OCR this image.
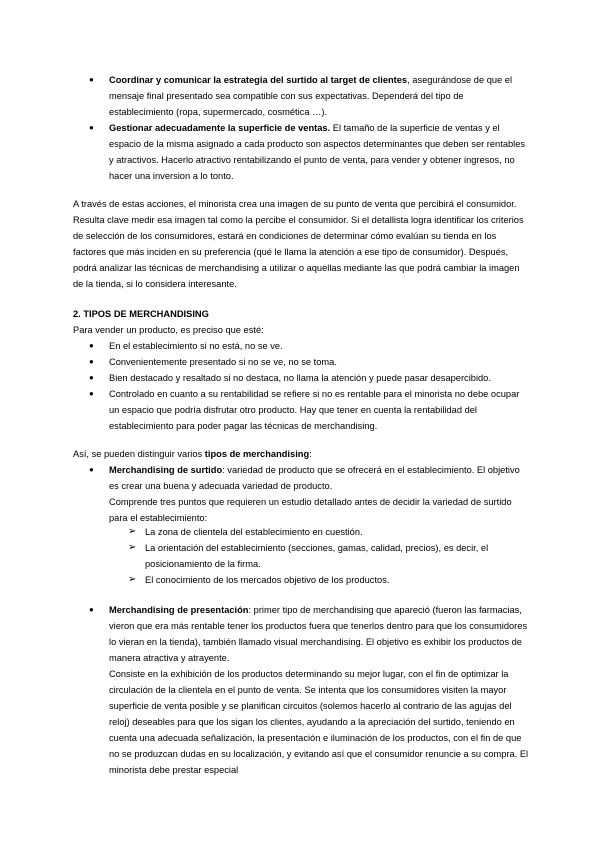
● Coordinar y comunicar la estrategia del surtido al target de clientes, asegurándose de que el mensaje final presentado sea compatible con sus expectativas. Dependerá del tipo de establecimiento (ropa, supermercado, cosmética …).

● Gestionar adecuadamente la superficie de ventas. El tamaño de la superficie de ventas y el espacio de la misma asignado a cada producto son aspectos determinantes que deben ser rentables y atractivos. Hacerlo atractivo rentabilizando el punto de venta, para vender y obtener ingresos, no hacer una inversion a lo tonto.

A través de estas acciones, el minorista crea una imagen de su punto de venta que percibirá el consumidor. Resulta clave medir esa imagen tal como la percibe el consumidor. Si el detallista logra identificar los criterios de selección de los consumidores, estará en condiciones de determinar cómo evalúan su tienda en los factores que más inciden en su preferencia (qué le llama la atención a ese tipo de consumidor). Después, podrá analizar las técnicas de merchandising a utilizar o aquellas mediante las que podrá cambiar la imagen de la tienda, si lo considera interesante.

2. TIPOS DE MERCHANDISING

Para vender un producto, es preciso que esté:

● En el establecimiento si no está, no se ve.

● Convenientemente presentado si no se ve, no se toma.

● Bien destacado y resaltado si no destaca, no llama la atención y puede pasar desapercibido.

● Controlado en cuanto a su rentabilidad se refiere si no es rentable para el minorista no debe ocupar un espacio que podría disfrutar otro producto. Hay que tener en cuenta la rentabilidad del establecimiento para poder pagar las técnicas de merchandising.

Así, se pueden distinguir varios tipos de merchandising:

● Merchandising de surtido: variedad de producto que se ofrecerá en el establecimiento. El objetivo es crear una buena y adecuada variedad de producto.

Comprende tres puntos que requieren un estudio detallado antes de decidir la variedad de surtido para el establecimiento:

➢ La zona de clientela del establecimiento en cuestión.

➢ La orientación del establecimiento (secciones, gamas, calidad, precios), es decir, el posicionamiento de la firma.

➢ El conocimiento de los mercados objetivo de los productos.

● Merchandising de presentación: primer tipo de merchandising que apareció (fueron las farmacias, vieron que era más rentable tener los productos fuera que tenerlos dentro para que los consumidores lo vieran en la tienda), también llamado visual merchandising. El objetivo es exhibir los productos de manera atractiva y atrayente.

Consiste en la exhibición de los productos determinando su mejor lugar, con el fin de optimizar la circulación de la clientela en el punto de venta. Se intenta que los consumidores visiten la mayor superficie de venta posible y se planifican circuitos (solemos hacerlo al contrario de las agujas del reloj) deseables para que los sigan los clientes, ayudando a la apreciación del surtido, teniendo en cuenta una adecuada señalización, la presentación e iluminación de los productos, con el fin de que no se produzcan dudas en su localización, y evitando así que el consumidor renuncie a su compra. El minorista debe prestar especial
